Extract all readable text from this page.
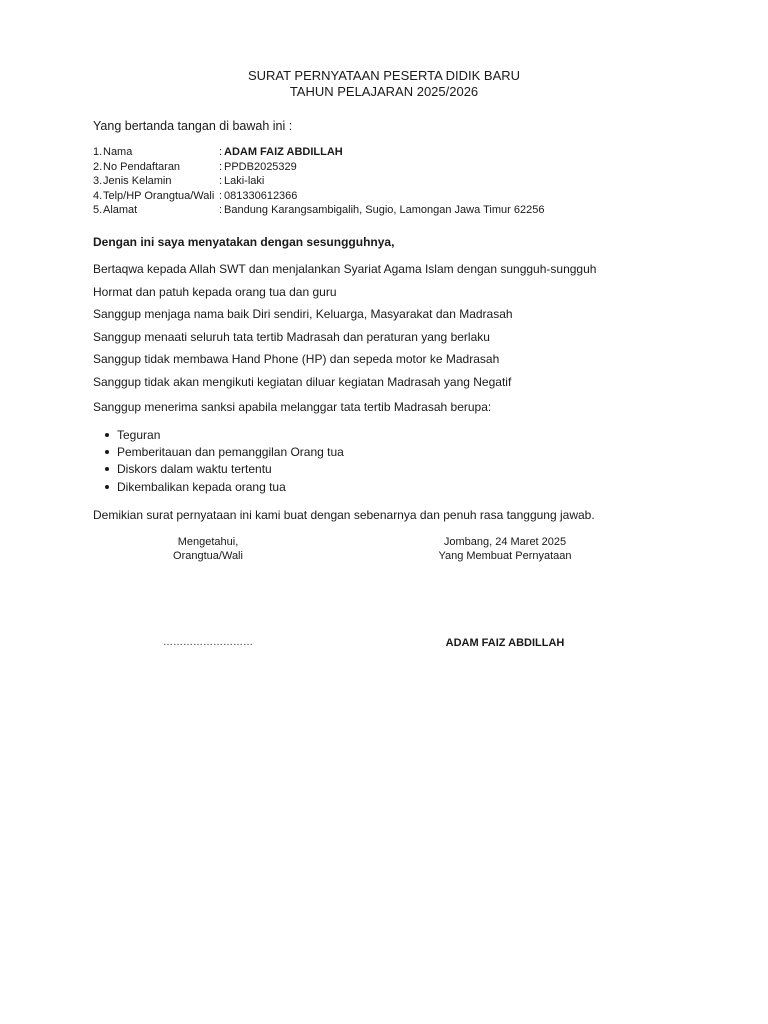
SURAT PERNYATAAN PESERTA DIDIK BARU
TAHUN PELAJARAN 2025/2026
Yang bertanda tangan di bawah ini :
1.	Nama	:	ADAM FAIZ ABDILLAH
2.	No Pendaftaran	:	PPDB2025329
3.	Jenis Kelamin	:	Laki-laki
4.	Telp/HP Orangtua/Wali	:	081330612366
5.	Alamat	:	Bandung Karangsambigalih, Sugio, Lamongan Jawa Timur 62256
Dengan ini saya menyatakan dengan sesungguhnya,
Bertaqwa kepada Allah SWT dan menjalankan Syariat Agama Islam dengan sungguh-sungguh
Hormat dan patuh kepada orang tua dan guru
Sanggup menjaga nama baik Diri sendiri, Keluarga, Masyarakat dan Madrasah
Sanggup menaati seluruh tata tertib Madrasah dan peraturan yang berlaku
Sanggup tidak membawa Hand Phone (HP) dan sepeda motor ke Madrasah
Sanggup tidak akan mengikuti kegiatan diluar kegiatan Madrasah yang Negatif
Sanggup menerima sanksi apabila melanggar tata tertib Madrasah berupa:
Teguran
Pemberitauan dan pemanggilan Orang tua
Diskors dalam waktu tertentu
Dikembalikan kepada orang tua
Demikian surat pernyataan ini kami buat dengan sebenarnya dan penuh rasa tanggung jawab.
Mengetahui,
Orangtua/Wali
Jombang, 24 Maret 2025
Yang Membuat Pernyataan
………………………	ADAM FAIZ ABDILLAH
